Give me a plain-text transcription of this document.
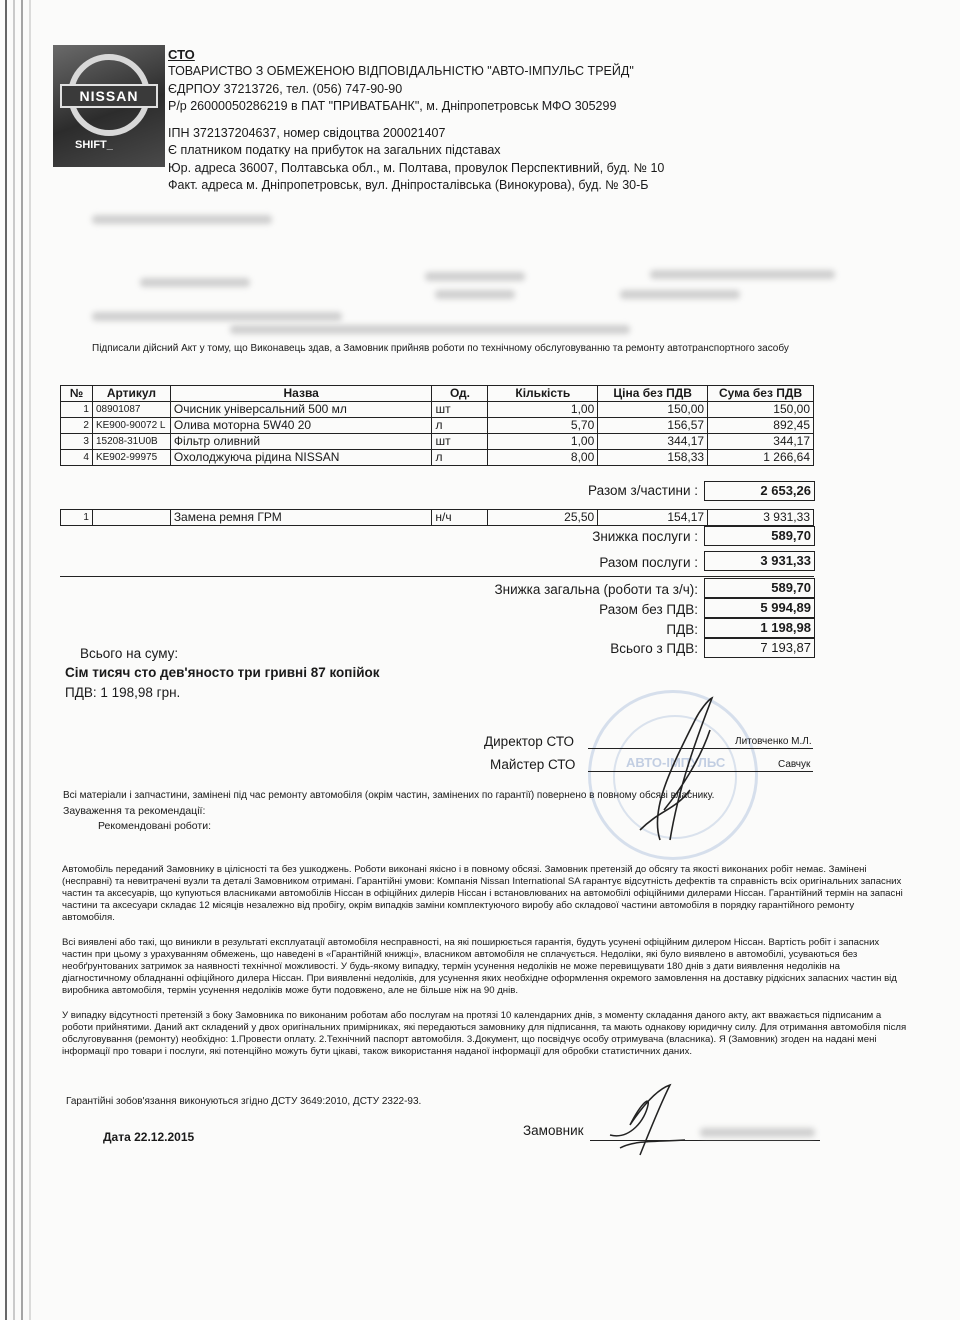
NISSAN
SHIFT_
СТО
ТОВАРИСТВО З ОБМЕЖЕНОЮ ВІДПОВІДАЛЬНІСТЮ "АВТО-ІМПУЛЬС ТРЕЙД"
ЄДРПОУ 37213726, тел. (056) 747-90-90
Р/р 26000050286219 в ПАТ "ПРИВАТБАНК", м. Дніпропетровськ МФО 305299
ІПН 372137204637, номер свідоцтва 200021407
Є платником податку на прибуток на загальних підставах
Юр. адреса 36007, Полтавська обл., м. Полтава, провулок Перспективний, буд. № 10
Факт. адреса м. Дніпропетровськ, вул. Дніпросталівська (Винокурова), буд. № 30-Б
Підписали дійсний Акт у тому, що Виконавець здав, а Замовник прийняв роботи по технічному обслуговуванню та ремонту автотранспортного засобу
№	Артикул	Назва	Од.	Кількість	Ціна без ПДВ	Сума без ПДВ
1	08901087	Очисник універсальний 500 мл	шт	1,00	150,00	150,00
2	KE900-90072 L	Олива моторна 5W40 20	л	5,70	156,57	892,45
3	15208-31U0B	Фільтр оливний	шт	1,00	344,17	344,17
4	KE902-99975	Охолоджуюча рідина NISSAN	л	8,00	158,33	1 266,64
Разом з/частини :	2 653,26
1		Замена ремня ГРМ	н/ч	25,50	154,17	3 931,33
Знижка послуги :	589,70
Разом послуги :	3 931,33
Знижка загальна (роботи та з/ч):	589,70
Разом без ПДВ:	5 994,89
ПДВ:	1 198,98
Всього з ПДВ:	7 193,87
Всього на суму:
Сім тисяч сто дев'яносто три гривні 87 копійок
ПДВ: 1 198,98 грн.
АВТО-ІМПУЛЬС
Директор СТО	Литовченко М.Л.
Майстер СТО	Савчук
Всі матеріали і запчастини, замінені під час ремонту автомобіля (окрім частин, замінених по гарантії) повернено в повному обсязі власнику.
Зауваження та рекомендації:
Рекомендовані роботи:
Автомобіль переданий Замовнику в цілісності та без ушкоджень. Роботи виконані якісно і в повному обсязі. Замовник претензій до обсягу та якості виконаних робіт немає. Замінені (несправні) та невитрачені вузли та деталі Замовником отримані. Гарантійні умови: Компанія Nissan International SA гарантує відсутність дефектів та справність всіх оригінальних запасних частин та аксесуарів, що купуються власниками автомобілів Ніссан в офіційних дилерів Ніссан і встановлюваних на автомобілі офіційними дилерами Ніссан. Гарантійний термін на запасні частини та аксесуари складає 12 місяців незалежно від пробігу, окрім випадків заміни комплектуючого виробу або складової частини автомобіля в порядку гарантійного ремонту автомобіля.
Всі виявлені або такі, що виникли в результаті експлуатації автомобіля несправності, на які поширюється гарантія, будуть усунені офіційним дилером Ніссан. Вартість робіт і запасних частин при цьому з урахуванням обмежень, що наведені в «Гарантійній книжці», власником автомобіля не сплачується. Недоліки, які було виявлено в автомобілі, усуваються без необґрунтованих затримок за наявності технічної можливості. У будь-якому випадку, термін усунення недоліків не може перевищувати 180 днів з дати виявлення недоліків на діагностичному обладнанні офіційного дилера Ніссан. При виявленні недоліків, для усунення яких необхідне оформлення окремого замовлення на доставку рідкісних запасних частин від виробника автомобіля, термін усунення недоліків може бути подовжено, але не більше ніж на 90 днів.
У випадку відсутності претензій з боку Замовника по виконаним роботам або послугам на протязі 10 календарних днів, з моменту складання даного акту, акт вважається підписаним а роботи прийнятими. Даний акт складений у двох оригінальних примірниках, які передаються замовнику для підписання, та мають однакову юридичну силу. Для отримання автомобіля після обслуговування (ремонту) необхідно: 1.Провести оплату. 2.Технічний паспорт автомобіля. 3.Документ, що посвідчує особу отримувача (власника). Я (Замовник) згоден на надані мені інформації про товари і послуги, які потенційно можуть бути цікаві, також використання наданої інформації для обробки статистичних даних.
Гарантійні зобов'язання виконуються згідно ДСТУ 3649:2010, ДСТУ 2322-93.
Дата 22.12.2015	Замовник
